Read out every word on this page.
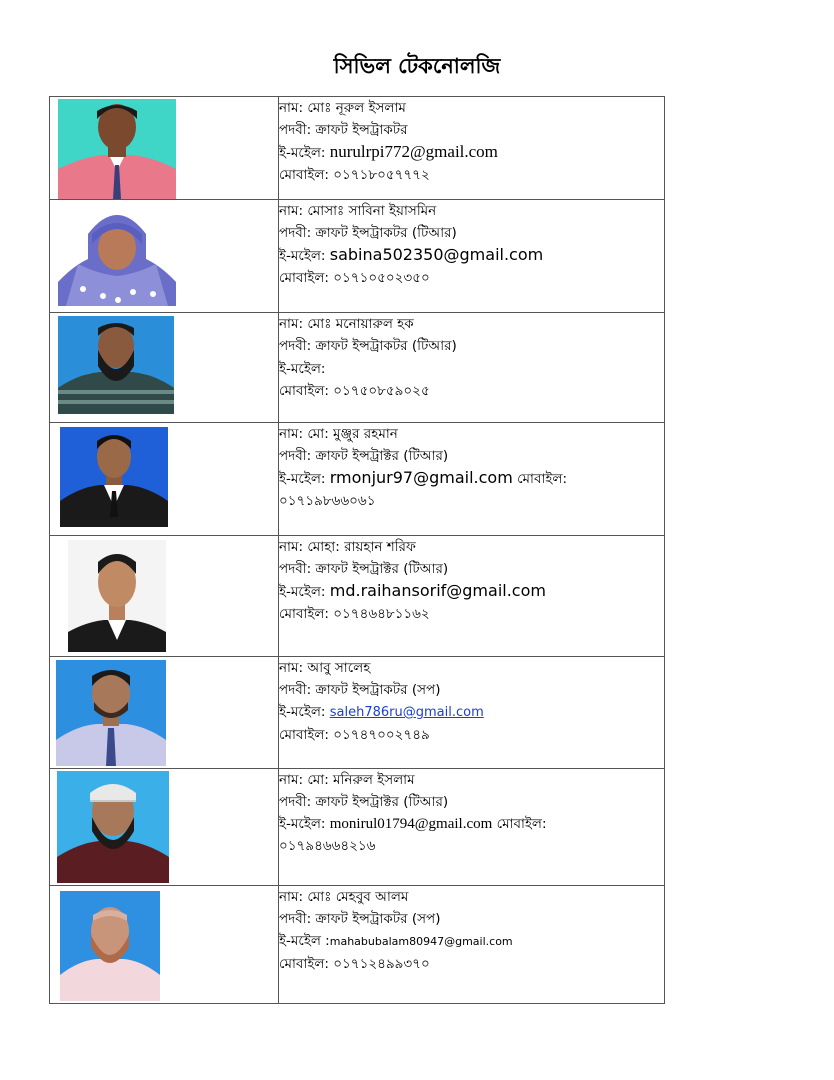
সিভিল টেকনোলজি

নাম: মোঃ নূরুল ইসলাম
পদবী: ক্রাফট ইন্সট্রাকটর
ই-মইেল: nurulrpi772@gmail.com
মোবাইল: ০১৭১৮০৫৭৭৭২

নাম: মোসাঃ সাবিনা ইয়াসমিন
পদবী: ক্রাফট ইন্সট্রাকটর (টিআর)
ই-মইেল: sabina502350@gmail.com
মোবাইল: ০১৭১০৫০২৩৫০

নাম: মোঃ মনোয়ারুল হক
পদবী: ক্রাফট ইন্সট্রাকটর (টিআর)
ই-মইেল:
মোবাইল: ০১৭৫০৮৫৯০২৫

নাম: মো: মুঞ্জুর রহমান
পদবী: ক্রাফট ইন্সট্রাক্টর (টিআর)
ই-মইেল: rmonjur97@gmail.com মোবাইল:
০১৭১৯৮৬৬০৬১

নাম: মোহা: রায়হান শরিফ
পদবী: ক্রাফট ইন্সট্রাক্টর (টিআর)
ই-মইেল: md.raihansorif@gmail.com
মোবাইল: ০১৭৪৬৪৮১১৬২

নাম: আবু সালেহ
পদবী: ক্রাফট ইন্সট্রাকটর (সপ)
ই-মইেল: saleh786ru@gmail.com
মোবাইল: ০১৭৪৭০০২৭৪৯

নাম: মো: মনিরুল ইসলাম
পদবী: ক্রাফট ইন্সট্রাক্টর (টিআর)
ই-মইেল: monirul01794@gmail.com মোবাইল:
০১৭৯৪৬৬৪২১৬

নাম: মোঃ মেহবুব আলম
পদবী: ক্রাফট ইন্সট্রাকটর (সপ)
ই-মইেল :mahabubalam80947@gmail.com
মোবাইল: ০১৭১২৪৯৯৩৭০
